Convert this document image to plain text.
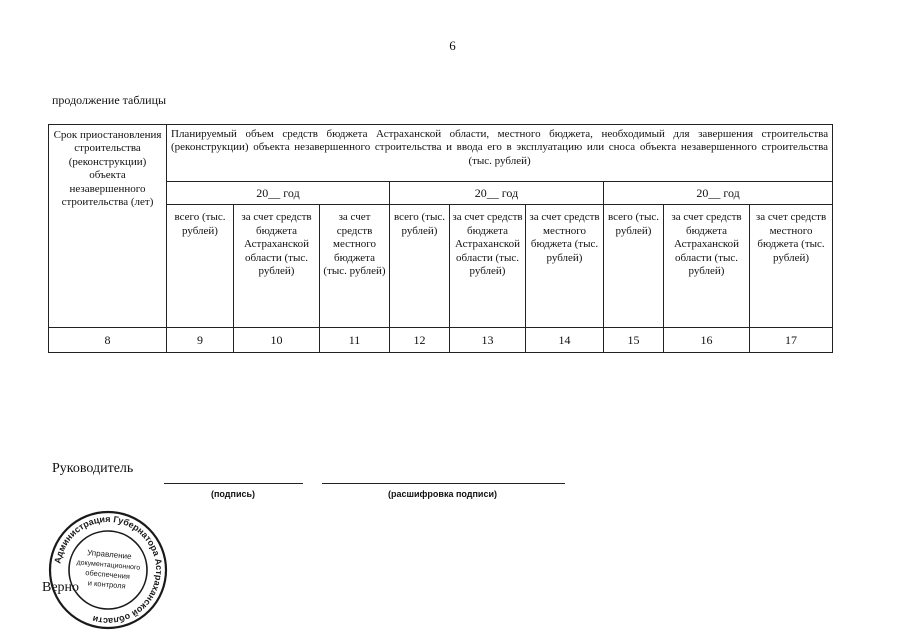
6
продолжение таблицы
Срок приостановления строительства (реконструкции) объекта незавершенного строительства (лет)	Планируемый объем средств бюджета Астраханской области, местного бюджета, необходимый для завершения строительства (реконструкции) объекта незавершенного строительства и ввода его в эксплуатацию или сноса объекта незавершенного строительства (тыс. рублей)								
	20__ год			20__ год			20__ год		
	всего (тыс. рублей)	за счет средств бюджета Астраханской области (тыс. рублей)	за счет средств местного бюджета (тыс. рублей)	всего (тыс. рублей)	за счет средств бюджета Астраханской области (тыс. рублей)	за счет средств местного бюджета (тыс. рублей)	всего (тыс. рублей)	за счет средств бюджета Астраханской области (тыс. рублей)	за счет средств местного бюджета (тыс. рублей)
8	9	10	11	12	13	14	15	16	17
Руководитель
(подпись)	(расшифровка подписи)
Верно
Администрация Губернатора Астраханской области
Управление
документационного
обеспечения
и контроля
